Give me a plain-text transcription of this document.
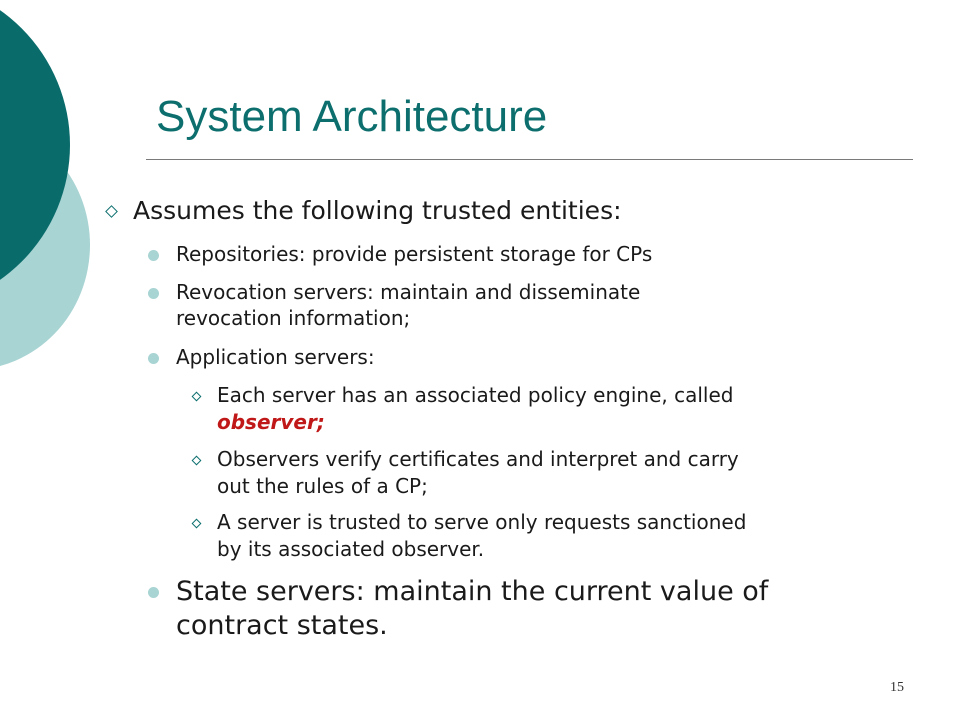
System Architecture
Assumes the following trusted entities:
Repositories: provide persistent storage for CPs
Revocation servers: maintain and disseminate
revocation information;
Application servers:
Each server has an associated policy engine, called
observer;
Observers verify certificates and interpret and carry
out the rules of a CP;
A server is trusted to serve only requests sanctioned
by its associated observer.
State servers: maintain the current value of
contract states.
15
